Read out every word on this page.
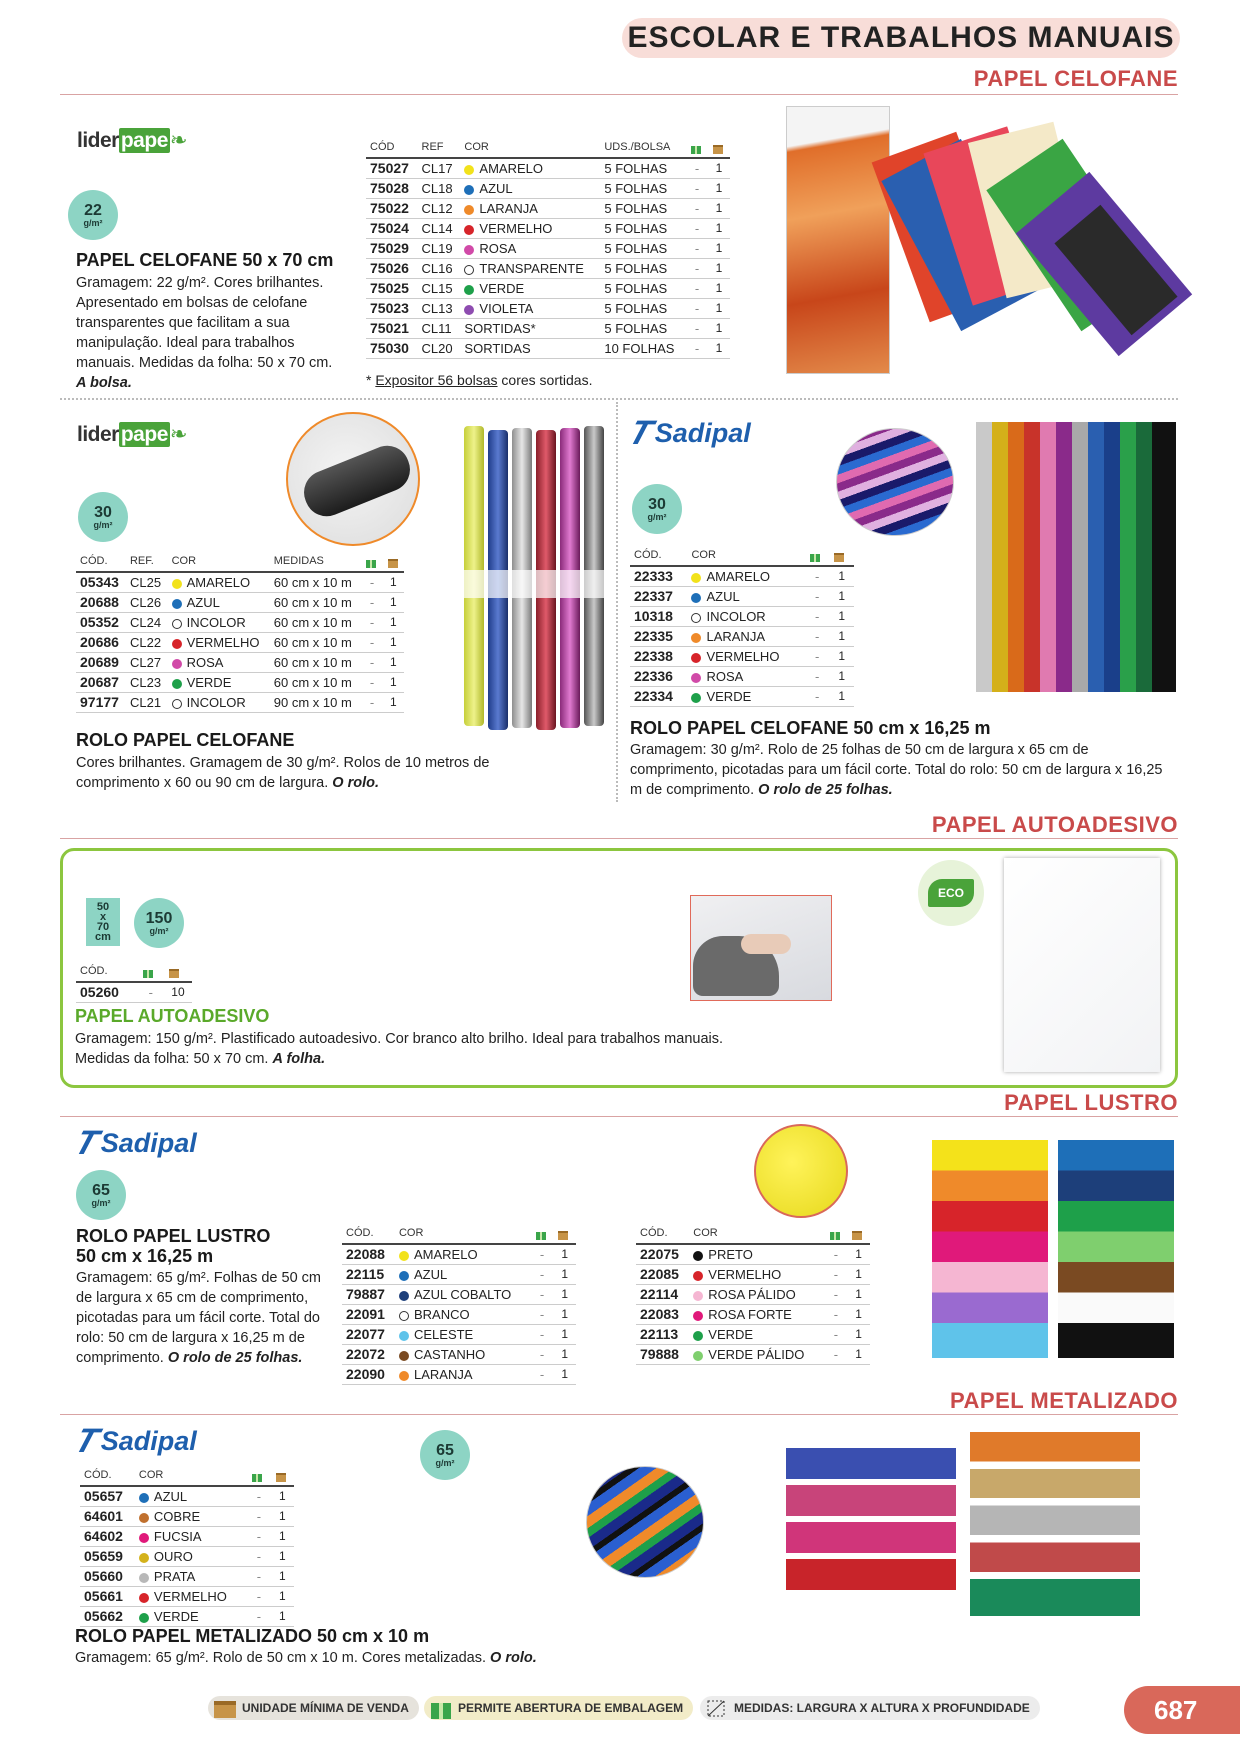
ESCOLAR E TRABALHOS MANUAIS
PAPEL CELOFANE
liderpape❧
22
g/m²
PAPEL CELOFANE 50 x 70 cm
Gramagem: 22 g/m². Cores brilhantes. Apresentado em bolsas de celofane transparentes que facilitam a sua manipulação. Ideal para trabalhos manuais. Medidas da folha: 50 x 70 cm.
A bolsa.
CÓD	REF	COR	UDS./BOLSA		
75027	CL17	AMARELO	5 FOLHAS	-	1
75028	CL18	AZUL	5 FOLHAS	-	1
75022	CL12	LARANJA	5 FOLHAS	-	1
75024	CL14	VERMELHO	5 FOLHAS	-	1
75029	CL19	ROSA	5 FOLHAS	-	1
75026	CL16	TRANSPARENTE	5 FOLHAS	-	1
75025	CL15	VERDE	5 FOLHAS	-	1
75023	CL13	VIOLETA	5 FOLHAS	-	1
75021	CL11	SORTIDAS*	5 FOLHAS	-	1
75030	CL20	SORTIDAS	10 FOLHAS	-	1
* Expositor 56 bolsas cores sortidas.
liderpape❧
30
g/m²
CÓD.	REF.	COR	MEDIDAS		
05343	CL25	AMARELO	60 cm x 10 m	-	1
20688	CL26	AZUL	60 cm x 10 m	-	1
05352	CL24	INCOLOR	60 cm x 10 m	-	1
20686	CL22	VERMELHO	60 cm x 10 m	-	1
20689	CL27	ROSA	60 cm x 10 m	-	1
20687	CL23	VERDE	60 cm x 10 m	-	1
97177	CL21	INCOLOR	90 cm x 10 m	-	1
ROLO PAPEL CELOFANE
Cores brilhantes. Gramagem de 30 g/m². Rolos de 10 metros de comprimento x 60 ou 90 cm de largura. O rolo.
T
Sadipal
30
g/m²
CÓD.	COR		
22333	AMARELO	-	1
22337	AZUL	-	1
10318	INCOLOR	-	1
22335	LARANJA	-	1
22338	VERMELHO	-	1
22336	ROSA	-	1
22334	VERDE	-	1
ROLO PAPEL CELOFANE 50 cm x 16,25 m
Gramagem: 30 g/m². Rolo de 25 folhas de 50 cm de largura x 65 cm de comprimento, picotadas para um fácil corte. Total do rolo: 50 cm de largura x 16,25 m de comprimento. O rolo de 25 folhas.
PAPEL AUTOADESIVO
50
x
70
cm
150
g/m²
CÓD.		
05260	-	10
ECO
PAPEL AUTOADESIVO
Gramagem: 150 g/m². Plastificado autoadesivo. Cor branco alto brilho. Ideal para trabalhos manuais.
Medidas da folha: 50 x 70 cm. A folha.
PAPEL LUSTRO
T
Sadipal
65
g/m²
ROLO PAPEL LUSTRO
50 cm x 16,25 m
Gramagem: 65 g/m². Folhas de 50 cm de largura x 65 cm de comprimento, picotadas para um fácil corte. Total do rolo: 50 cm de largura x 16,25 m de comprimento. O rolo de 25 folhas.
CÓD.	COR		
22088	AMARELO	-	1
22115	AZUL	-	1
79887	AZUL COBALTO	-	1
22091	BRANCO	-	1
22077	CELESTE	-	1
22072	CASTANHO	-	1
22090	LARANJA	-	1
CÓD.	COR		
22075	PRETO	-	1
22085	VERMELHO	-	1
22114	ROSA PÁLIDO	-	1
22083	ROSA FORTE	-	1
22113	VERDE	-	1
79888	VERDE PÁLIDO	-	1
PAPEL METALIZADO
T
Sadipal	65
g/m²
CÓD.	COR		
05657	AZUL	-	1
64601	COBRE	-	1
64602	FUCSIA	-	1
05659	OURO	-	1
05660	PRATA	-	1
05661	VERMELHO	-	1
05662	VERDE	-	1
ROLO PAPEL METALIZADO 50 cm x 10 m
Gramagem: 65 g/m². Rolo de 50 cm x 10 m. Cores metalizadas. O rolo.
UNIDADE MÍNIMA DE VENDA	PERMITE ABERTURA DE EMBALAGEM	MEDIDAS: LARGURA X ALTURA X PROFUNDIDADE	687
